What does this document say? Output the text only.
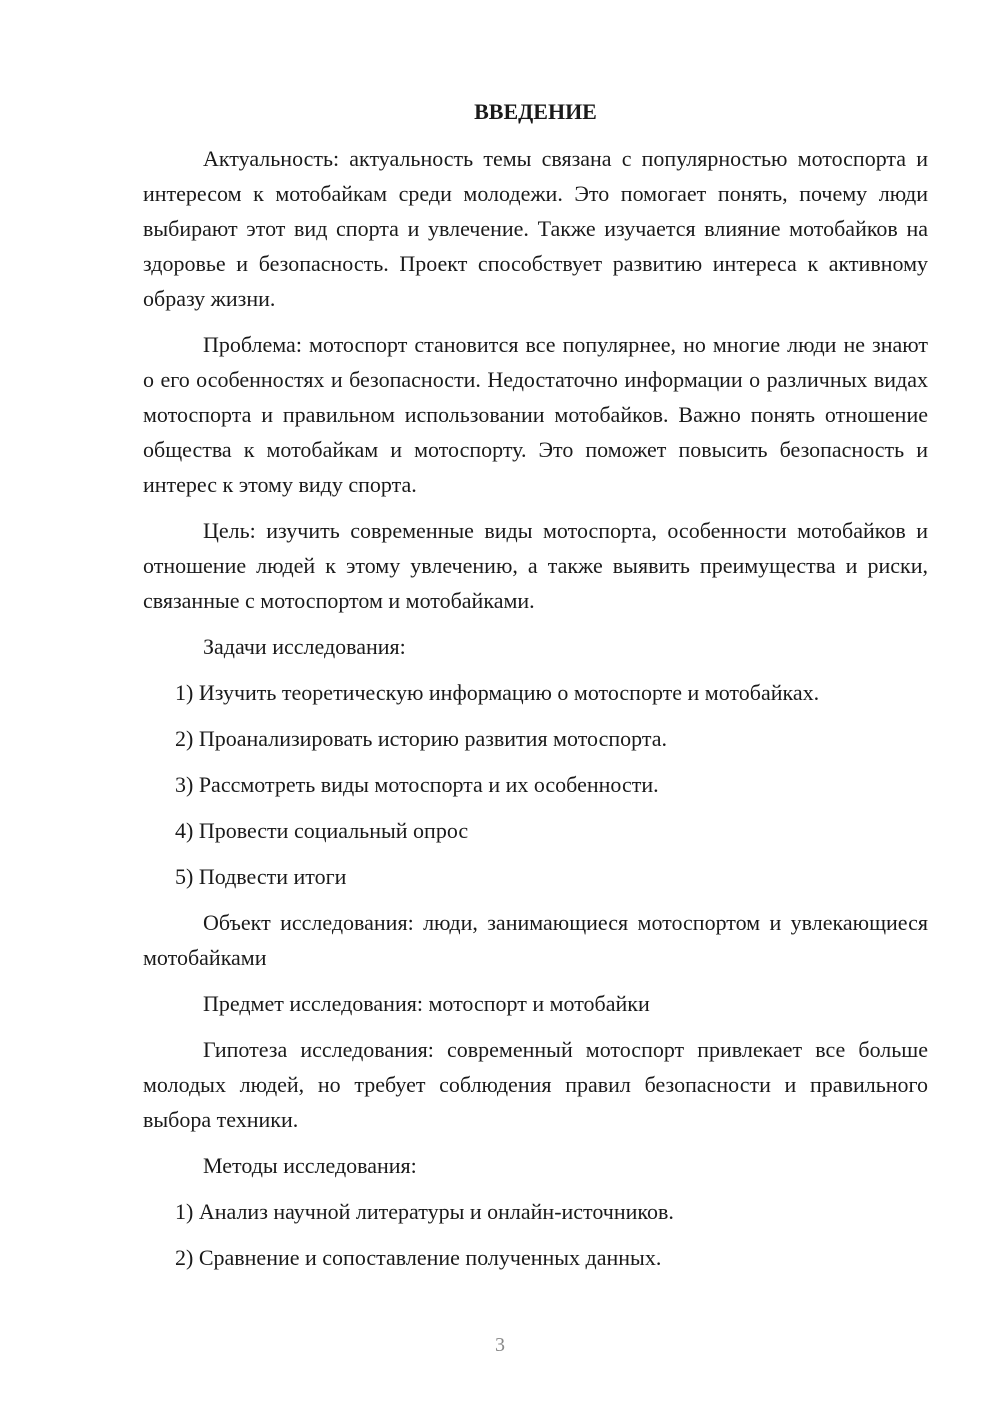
ВВЕДЕНИЕ
Актуальность: актуальность темы связана с популярностью мотоспорта и интересом к мотобайкам среди молодежи. Это помогает понять, почему люди выбирают этот вид спорта и увлечение. Также изучается влияние мотобайков на здоровье и безопасность. Проект способствует развитию интереса к активному образу жизни.
Проблема: мотоспорт становится все популярнее, но многие люди не знают о его особенностях и безопасности. Недостаточно информации о различных видах мотоспорта и правильном использовании мотобайков. Важно понять отношение общества к мотобайкам и мотоспорту. Это поможет повысить безопасность и интерес к этому виду спорта.
Цель: изучить современные виды мотоспорта, особенности мотобайков и отношение людей к этому увлечению, а также выявить преимущества и риски, связанные с мотоспортом и мотобайками.
Задачи исследования:
1) Изучить теоретическую информацию о мотоспорте и мотобайках.
2) Проанализировать историю развития мотоспорта.
3) Рассмотреть виды мотоспорта и их особенности.
4) Провести социальный опрос
5) Подвести итоги
Объект исследования: люди, занимающиеся мотоспортом и увлекающиеся мотобайками
Предмет исследования: мотоспорт и мотобайки
Гипотеза исследования: современный мотоспорт привлекает все больше молодых людей, но требует соблюдения правил безопасности и правильного выбора техники.
Методы исследования:
1) Анализ научной литературы и онлайн-источников.
2) Сравнение и сопоставление полученных данных.
3
